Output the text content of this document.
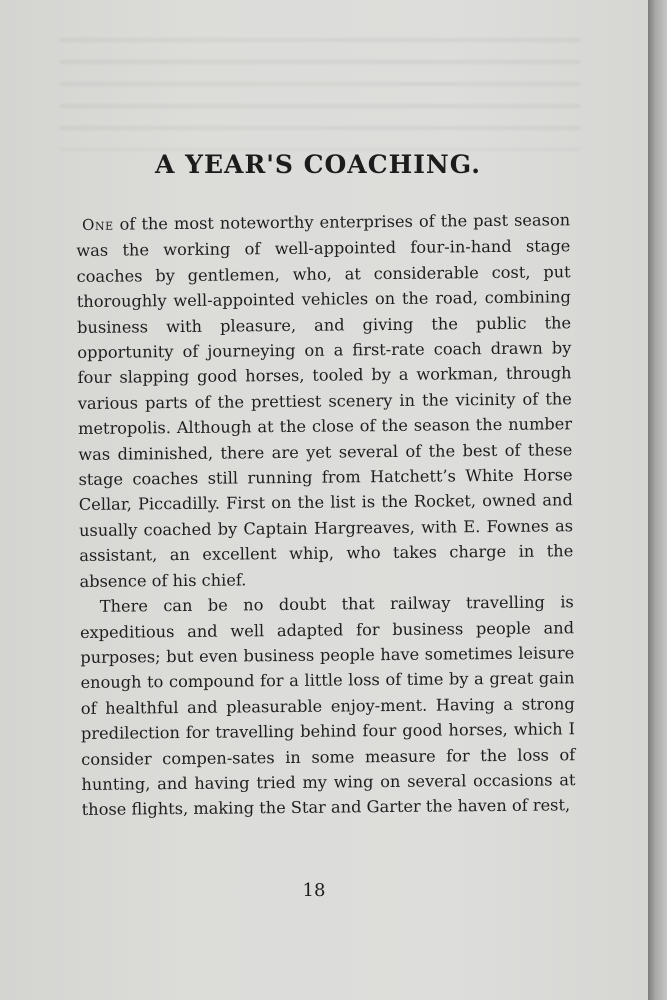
A YEAR'S COACHING.

One of the most noteworthy enterprises of the past season was the working of well-appointed four-in-hand stage coaches by gentlemen, who, at considerable cost, put thoroughly well-appointed vehicles on the road, combining business with pleasure, and giving the public the opportunity of journeying on a first-rate coach drawn by four slapping good horses, tooled by a workman, through various parts of the prettiest scenery in the vicinity of the metropolis. Although at the close of the season the number was diminished, there are yet several of the best of these stage coaches still running from Hatchett’s White Horse Cellar, Piccadilly. First on the list is the Rocket, owned and usually coached by Captain Hargreaves, with E. Fownes as assistant, an excellent whip, who takes charge in the absence of his chief.

There can be no doubt that railway travelling is expeditious and well adapted for business people and purposes; but even business people have sometimes leisure enough to compound for a little loss of time by a great gain of healthful and pleasurable enjoy-ment. Having a strong predilection for travelling behind four good horses, which I consider compen-sates in some measure for the loss of hunting, and having tried my wing on several occasions at those flights, making the Star and Garter the haven of rest,

18
